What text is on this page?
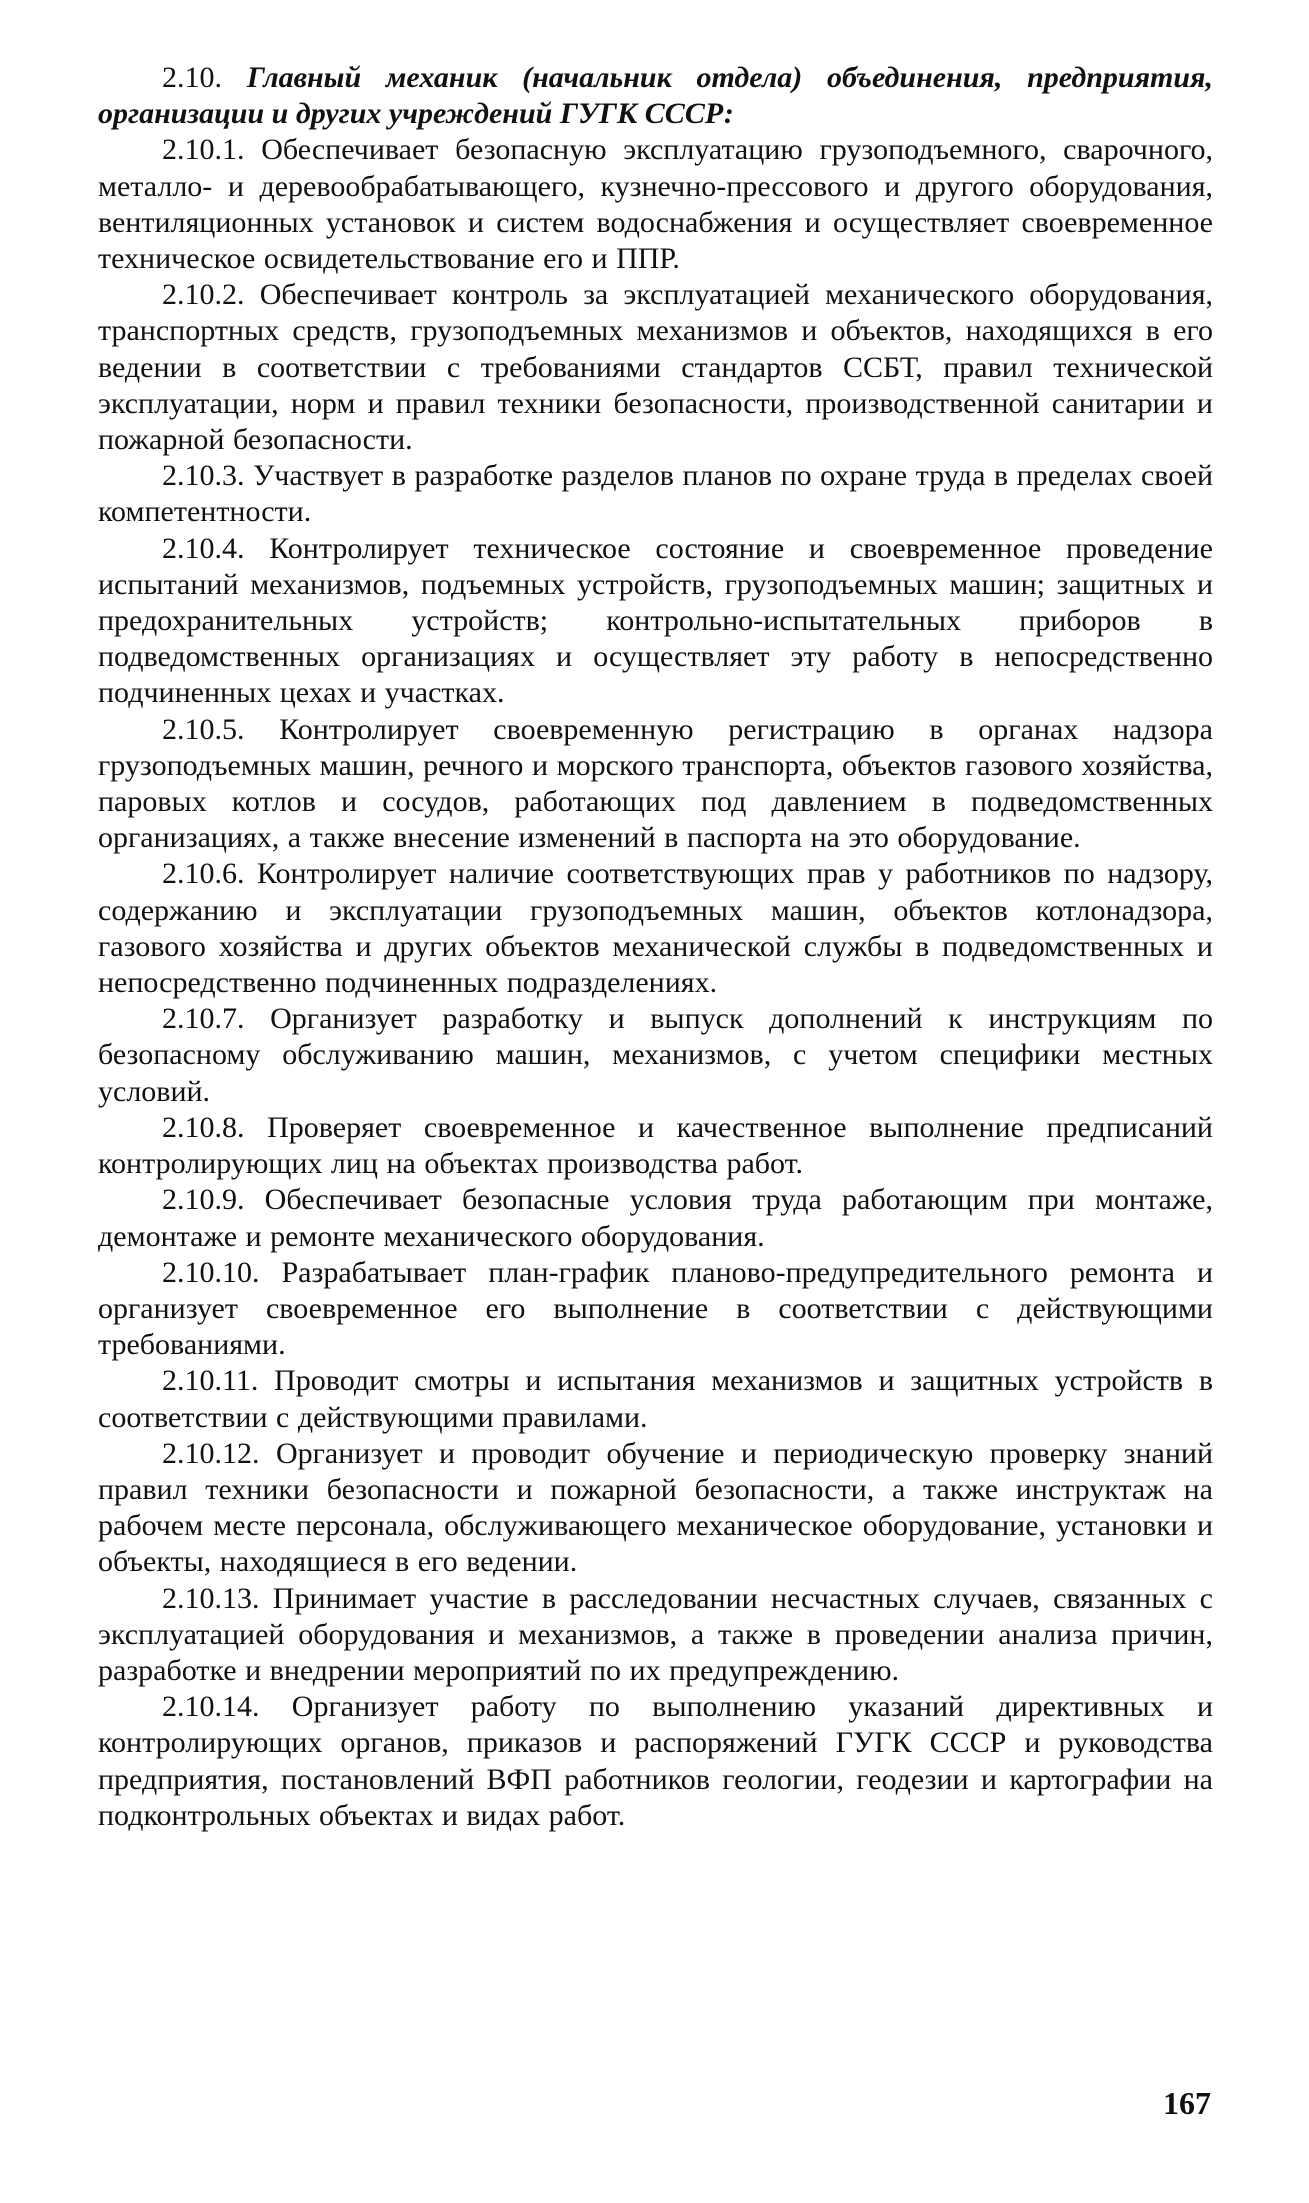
2.10. Главный механик (начальник отдела) объединения, предприятия, организации и других учреждений ГУГК СССР:

2.10.1. Обеспечивает безопасную эксплуатацию грузоподъемного, сварочного, металло- и деревообрабатывающего, кузнечно-прессового и другого оборудования, вентиляционных установок и систем водоснабжения и осуществляет своевременное техническое освидетельствование его и ППР.

2.10.2. Обеспечивает контроль за эксплуатацией механического оборудования, транспортных средств, грузоподъемных механизмов и объектов, находящихся в его ведении в соответствии с требованиями стандартов ССБТ, правил технической эксплуатации, норм и правил техники безопасности, производственной санитарии и пожарной безопасности.

2.10.3. Участвует в разработке разделов планов по охране труда в пределах своей компетентности.

2.10.4. Контролирует техническое состояние и своевременное проведение испытаний механизмов, подъемных устройств, грузоподъемных машин; защитных и предохранительных устройств; контрольно-испытательных приборов в подведомственных организациях и осуществляет эту работу в непосредственно подчиненных цехах и участках.

2.10.5. Контролирует своевременную регистрацию в органах надзора грузоподъемных машин, речного и морского транспорта, объектов газового хозяйства, паровых котлов и сосудов, работающих под давлением в подведомственных организациях, а также внесение изменений в паспорта на это оборудование.

2.10.6. Контролирует наличие соответствующих прав у работников по надзору, содержанию и эксплуатации грузоподъемных машин, объектов котлонадзора, газового хозяйства и других объектов механической службы в подведомственных и непосредственно подчиненных подразделениях.

2.10.7. Организует разработку и выпуск дополнений к инструкциям по безопасному обслуживанию машин, механизмов, с учетом специфики местных условий.

2.10.8. Проверяет своевременное и качественное выполнение предписаний контролирующих лиц на объектах производства работ.

2.10.9. Обеспечивает безопасные условия труда работающим при монтаже, демонтаже и ремонте механического оборудования.

2.10.10. Разрабатывает план-график планово-предупредительного ремонта и организует своевременное его выполнение в соответствии с действующими требованиями.

2.10.11. Проводит смотры и испытания механизмов и защитных устройств в соответствии с действующими правилами.

2.10.12. Организует и проводит обучение и периодическую проверку знаний правил техники безопасности и пожарной безопасности, а также инструктаж на рабочем месте персонала, обслуживающего механическое оборудование, установки и объекты, находящиеся в его ведении.

2.10.13. Принимает участие в расследовании несчастных случаев, связанных с эксплуатацией оборудования и механизмов, а также в проведении анализа причин, разработке и внедрении мероприятий по их предупреждению.

2.10.14. Организует работу по выполнению указаний директивных и контролирующих органов, приказов и распоряжений ГУГК СССР и руководства предприятия, постановлений ВФП работников геологии, геодезии и картографии на подконтрольных объектах и видах работ.

167
